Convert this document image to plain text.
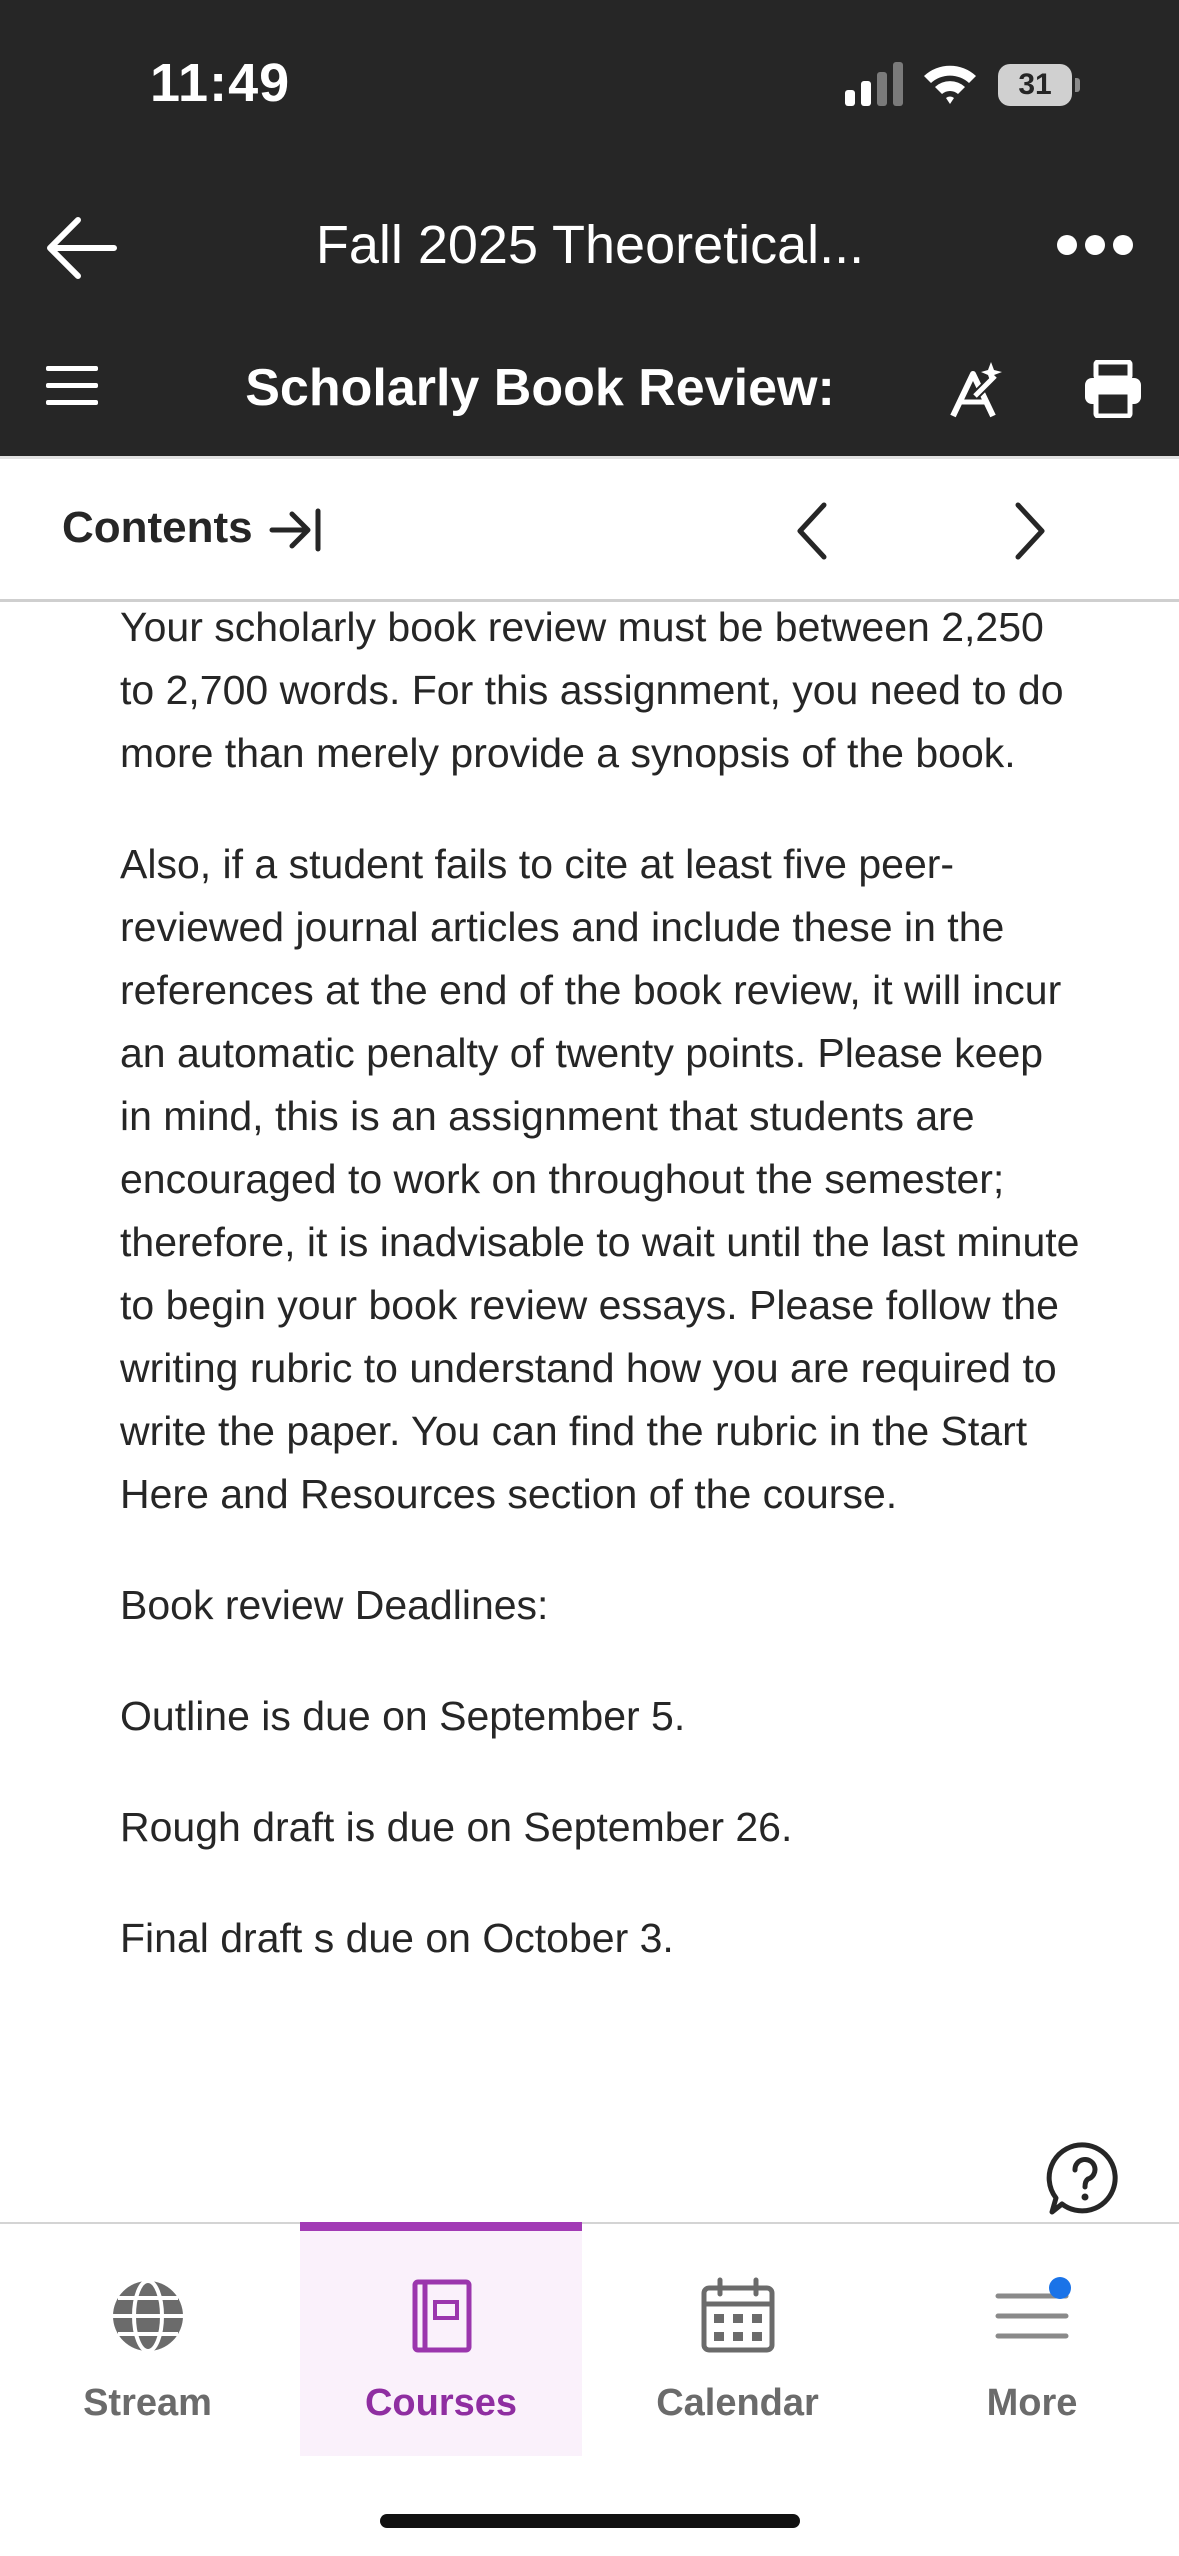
11:49	31
Fall 2025 Theoretical...
Scholarly Book Review:
Contents

Your scholarly book review must be between 2,250 to 2,700 words. For this assignment, you need to do more than merely provide a synopsis of the book.

Also, if a student fails to cite at least five peer-reviewed journal articles and include these in the references at the end of the book review, it will incur an automatic penalty of twenty points. Please keep in mind, this is an assignment that students are encouraged to work on throughout the semester; therefore, it is inadvisable to wait until the last minute to begin your book review essays. Please follow the writing rubric to understand how you are required to write the paper. You can find the rubric in the Start Here and Resources section of the course.

Book review Deadlines:

Outline is due on September 5.

Rough draft is due on September 26.

Final draft s due on October 3.

Stream	Courses	Calendar	More
